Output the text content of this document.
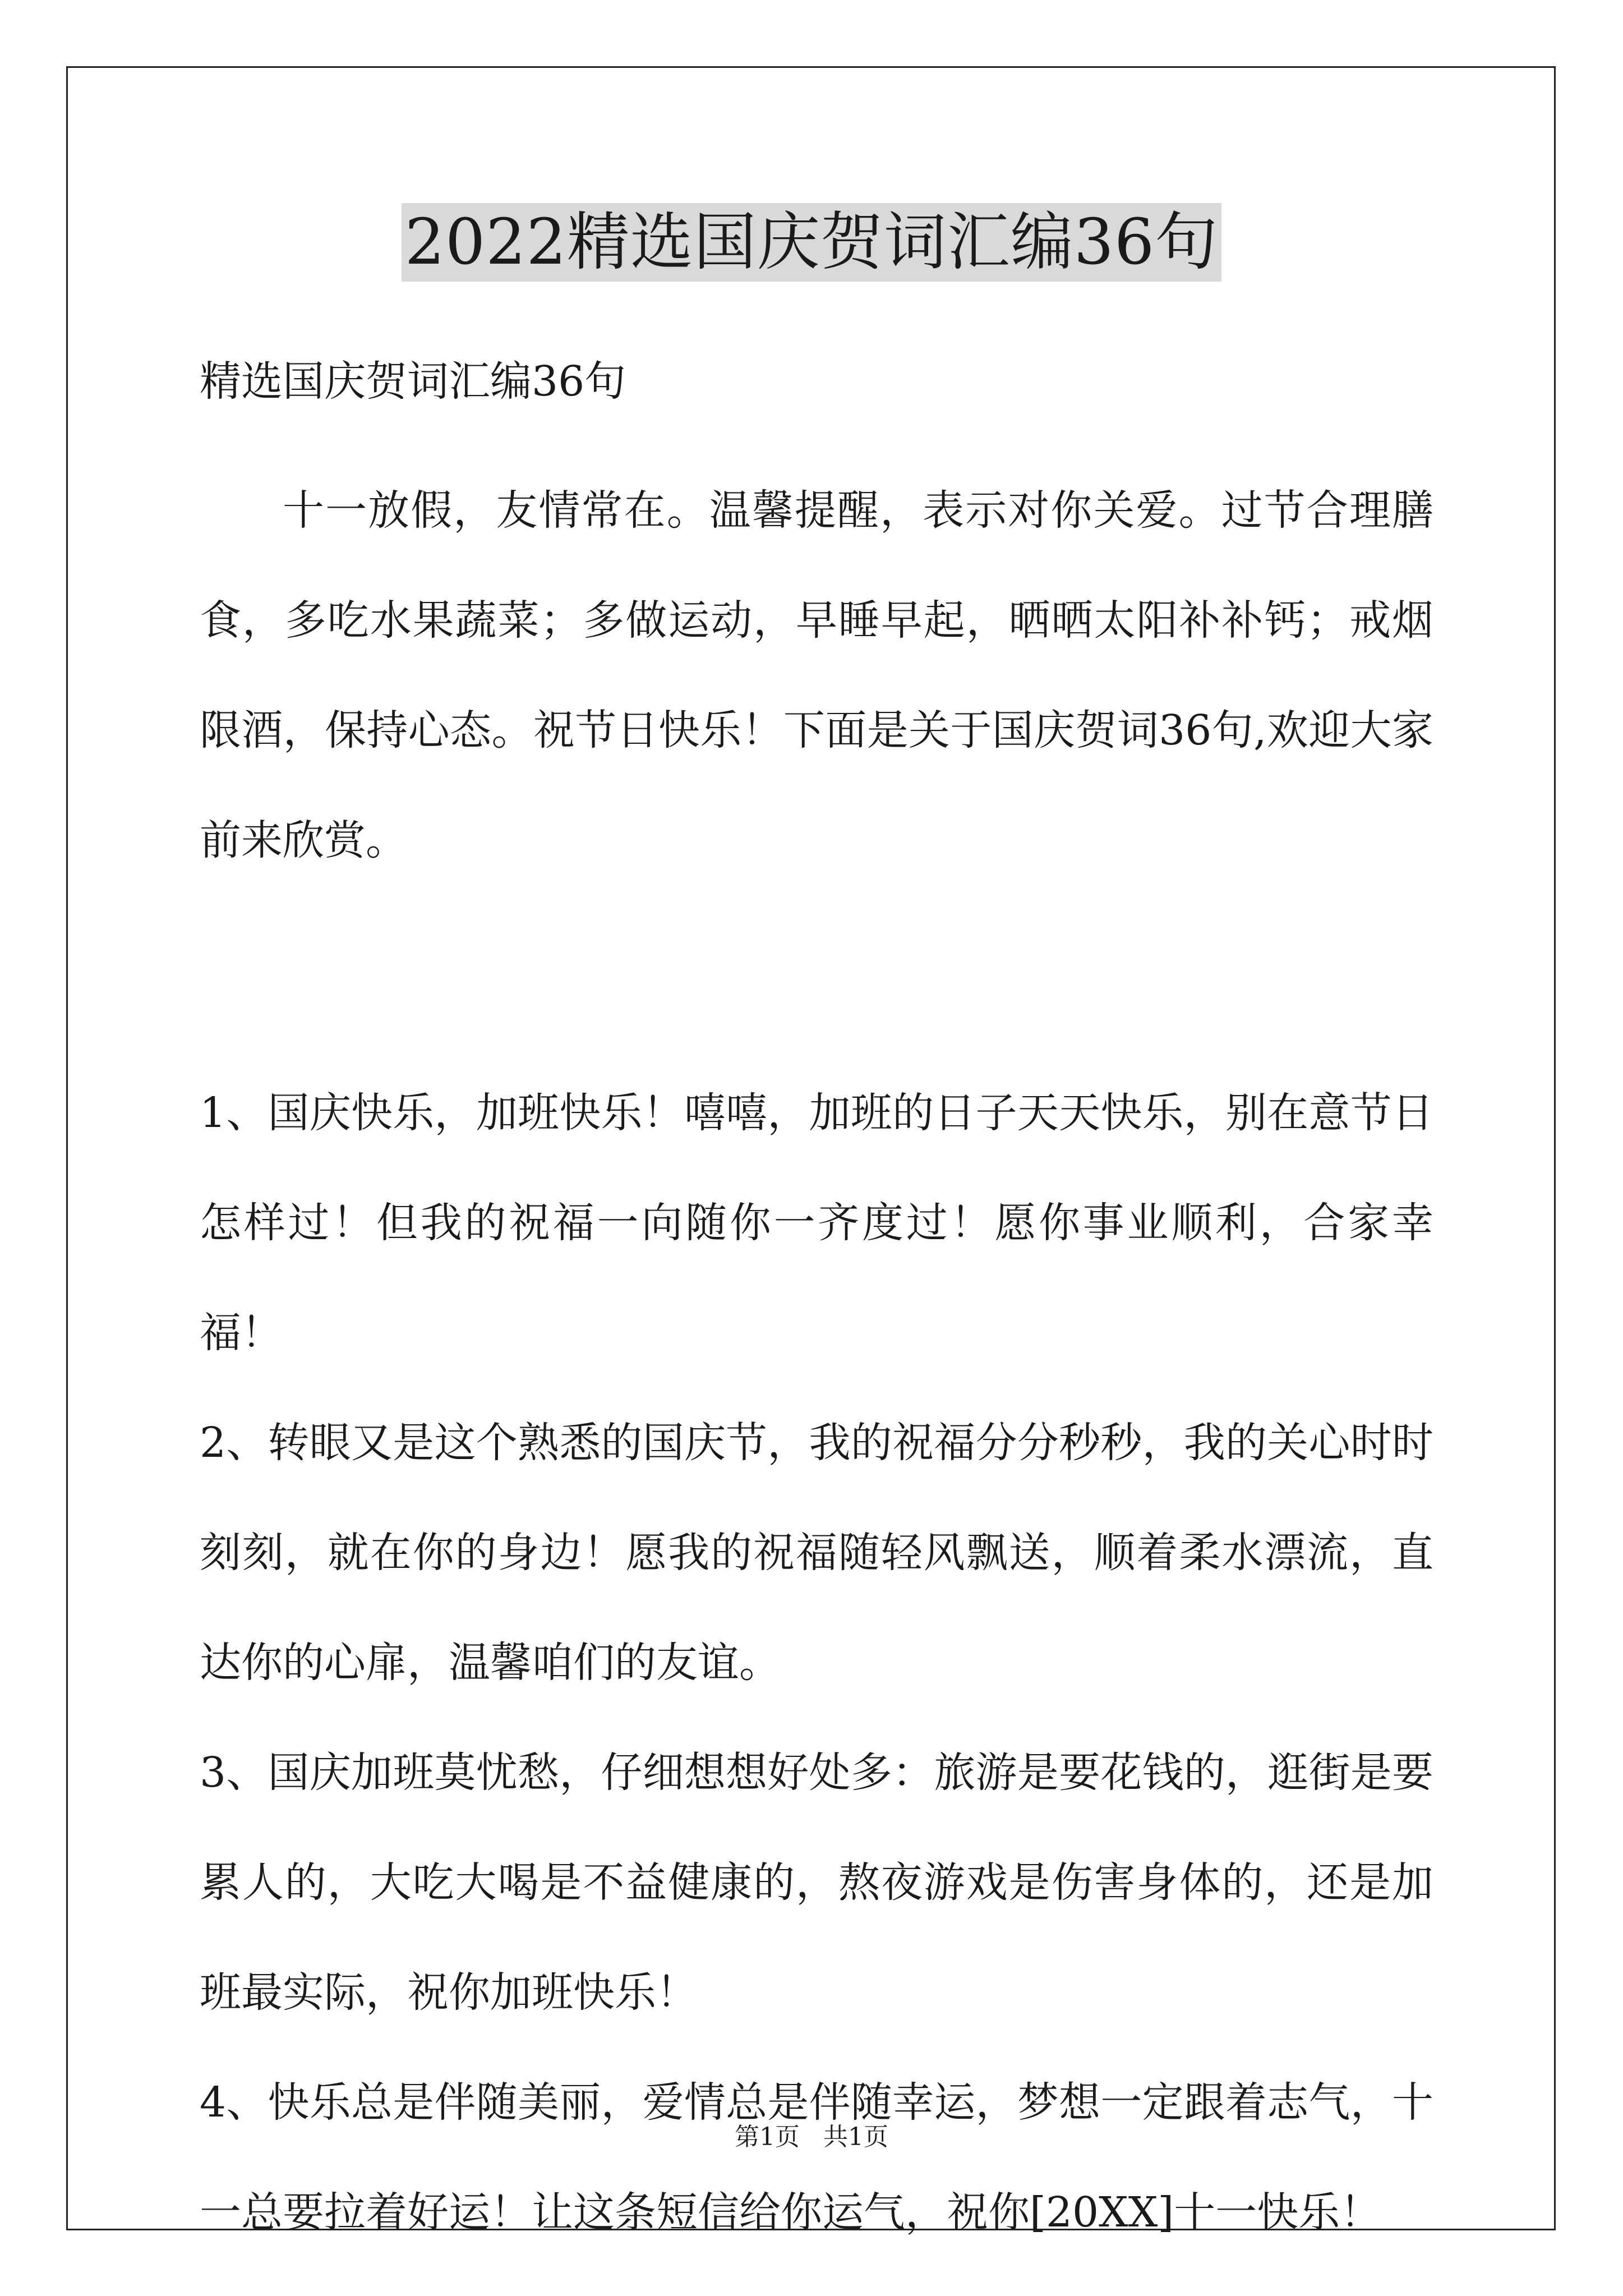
2022精选国庆贺词汇编36句

精选国庆贺词汇编36句

十一放假，友情常在。温馨提醒，表示对你关爱。过节合理膳食，多吃水果蔬菜；多做运动，早睡早起，晒晒太阳补补钙；戒烟限酒，保持心态。祝节日快乐！下面是关于国庆贺词36句,欢迎大家前来欣赏。

1、国庆快乐，加班快乐！嘻嘻，加班的日子天天快乐，别在意节日怎样过！但我的祝福一向随你一齐度过！愿你事业顺利，合家幸福！

2、转眼又是这个熟悉的国庆节，我的祝福分分秒秒，我的关心时时刻刻，就在你的身边！愿我的祝福随轻风飘送，顺着柔水漂流，直达你的心扉，温馨咱们的友谊。

3、国庆加班莫忧愁，仔细想想好处多：旅游是要花钱的，逛街是要累人的，大吃大喝是不益健康的，熬夜游戏是伤害身体的，还是加班最实际，祝你加班快乐！

4、快乐总是伴随美丽，爱情总是伴随幸运，梦想一定跟着志气，十一总要拉着好运！让这条短信给你运气，祝你[20XX]十一快乐！

第1页   共1页
